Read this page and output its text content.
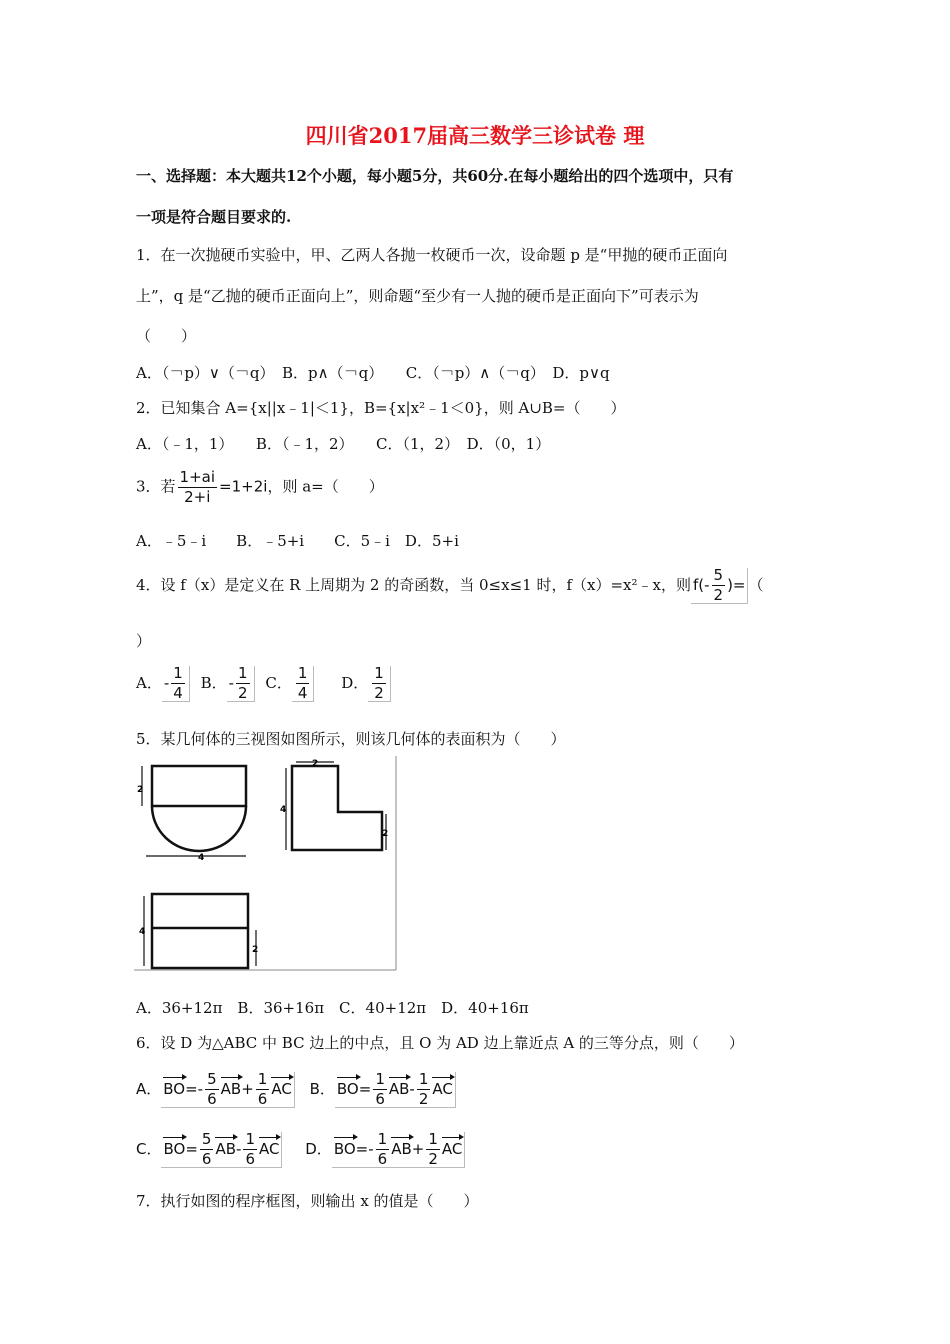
四川省2017届高三数学三诊试卷 理
一、选择题：本大题共12个小题，每小题5分，共60分.在每小题给出的四个选项中，只有
一项是符合题目要求的.
1．在一次抛硬币实验中，甲、乙两人各抛一枚硬币一次，设命题 p 是“甲抛的硬币正面向
上”，q 是“乙抛的硬币正面向上”，则命题“至少有一人抛的硬币是正面向下”可表示为
（　　）
A．（￢p）∨（￢q）　B．p∧（￢q）　　C．（￢p）∧（￢q）　D．p∨q
2．已知集合 A={x||x﹣1|＜1}，B={x|x²﹣1＜0}，则 A∪B=（　　）
A．（﹣1，1）　　B．（﹣1，2）　　C．（1，2）　D．（0，1）
3．若 $\frac{1+ai}{2+i} =1+2i$，则 a=（　　）
A．﹣5﹣i　　B．﹣5+i　　C．5﹣i　D．5+i
4．设 f（x）是定义在 R 上周期为 2 的奇函数，当 0≤x≤1 时，f（x）=x²﹣x，则 $f(- \frac{5}{2}$ )= （
）
A． - $\frac{1}{4}$ B． - $\frac{1}{2}$ C． $\frac{1}{4}$ D． $\frac{1}{2}$
5．某几何体的三视图如图所示，则该几何体的表面积为（　　）
2
4
2
4
2
4
2
A．36+12π　B．36+16π　C．40+12π　D．40+16π
6．设 D 为△ABC 中 BC 边上的中点，且 O 为 AD 边上靠近点 A 的三等分点，则（　　）
A． $BO=- \frac{5}{6} AB+ \frac{1}{6}$ AC B． $BO= \frac{1}{6} AB- \frac{1}{2}$ AC
C． $BO= \frac{5}{6} AB- \frac{1}{6}$ AC D． $BO=- \frac{1}{6} AB+ \frac{1}{2}$ AC
7．执行如图的程序框图，则输出 x 的值是（　　）
